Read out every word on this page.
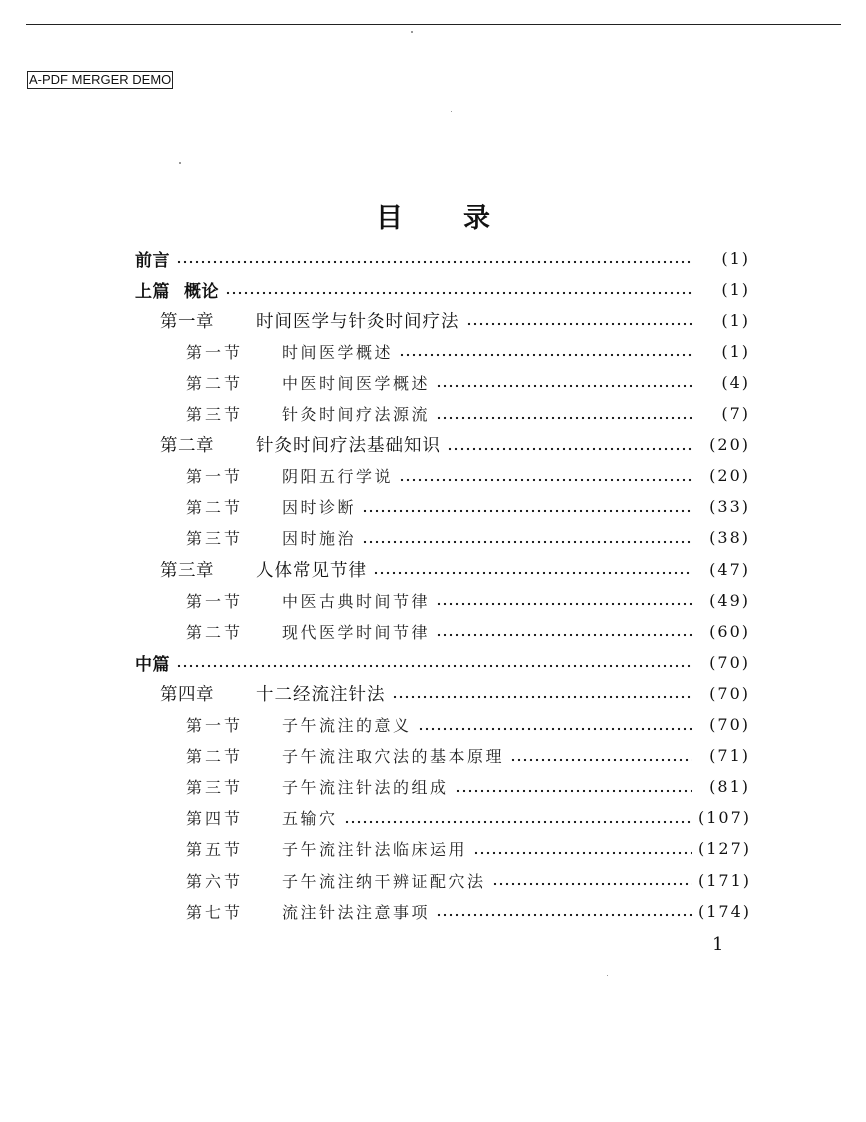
A-PDF MERGER DEMO
目 录
前言	(1)
上篇 概论	(1)
第一章 时间医学与针灸时间疗法	(1)
第一节 时间医学概述	(1)
第二节 中医时间医学概述	(4)
第三节 针灸时间疗法源流	(7)
第二章 针灸时间疗法基础知识	(20)
第一节 阴阳五行学说	(20)
第二节 因时诊断	(33)
第三节 因时施治	(38)
第三章 人体常见节律	(47)
第一节 中医古典时间节律	(49)
第二节 现代医学时间节律	(60)
中篇	(70)
第四章 十二经流注针法	(70)
第一节 子午流注的意义	(70)
第二节 子午流注取穴法的基本原理	(71)
第三节 子午流注针法的组成	(81)
第四节 五输穴	(107)
第五节 子午流注针法临床运用	(127)
第六节 子午流注纳干辨证配穴法	(171)
第七节 流注针法注意事项	(174)
1
